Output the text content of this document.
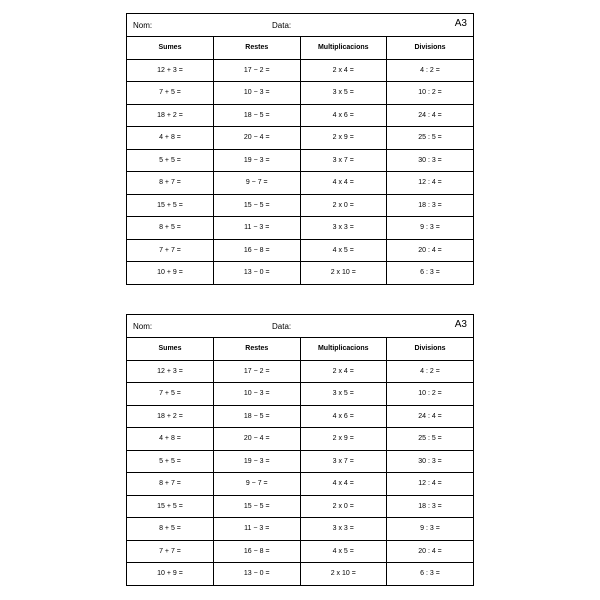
Nom:	Data:	A3
Sumes	Restes	Multiplicacions	Divisions
12 + 3 =	17 − 2 =	2 x 4 =	4 : 2 =
7 + 5 =	10 − 3 =	3 x 5 =	10 : 2 =
18 + 2 =	18 − 5 =	4 x 6 =	24 : 4 =
4 + 8 =	20 − 4 =	2 x 9 =	25 : 5 =
5 + 5 =	19 − 3 =	3 x 7 =	30 : 3 =
8 + 7 =	9 − 7 =	4 x 4 =	12 : 4 =
15 + 5 =	15 − 5 =	2 x 0 =	18 : 3 =
8 + 5 =	11 − 3 =	3 x 3 =	9 : 3 =
7 + 7 =	16 − 8 =	4 x 5 =	20 : 4 =
10 + 9 =	13 − 0 =	2 x 10 =	6 : 3 =
Nom:	Data:	A3
Sumes	Restes	Multiplicacions	Divisions
12 + 3 =	17 − 2 =	2 x 4 =	4 : 2 =
7 + 5 =	10 − 3 =	3 x 5 =	10 : 2 =
18 + 2 =	18 − 5 =	4 x 6 =	24 : 4 =
4 + 8 =	20 − 4 =	2 x 9 =	25 : 5 =
5 + 5 =	19 − 3 =	3 x 7 =	30 : 3 =
8 + 7 =	9 − 7 =	4 x 4 =	12 : 4 =
15 + 5 =	15 − 5 =	2 x 0 =	18 : 3 =
8 + 5 =	11 − 3 =	3 x 3 =	9 : 3 =
7 + 7 =	16 − 8 =	4 x 5 =	20 : 4 =
10 + 9 =	13 − 0 =	2 x 10 =	6 : 3 =
